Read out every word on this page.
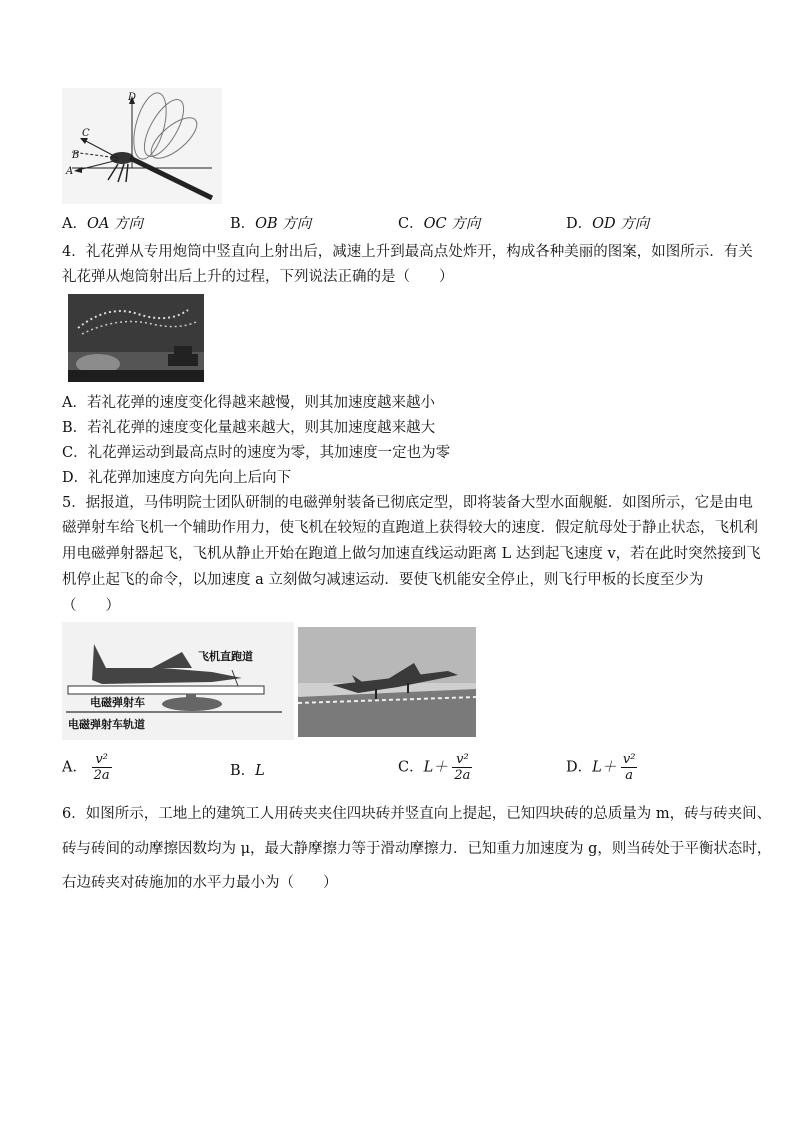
D
C
B
A
A．OA 方向	B．OB 方向	C．OC 方向	D．OD 方向
4．礼花弹从专用炮筒中竖直向上射出后，减速上升到最高点处炸开，构成各种美丽的图案，如图所示．有关
礼花弹从炮筒射出后上升的过程，下列说法正确的是（　　）
A．若礼花弹的速度变化得越来越慢，则其加速度越来越小
B．若礼花弹的速度变化量越来越大，则其加速度越来越大
C．礼花弹运动到最高点时的速度为零，其加速度一定也为零
D．礼花弹加速度方向先向上后向下
5．据报道，马伟明院士团队研制的电磁弹射装备已彻底定型，即将装备大型水面舰艇．如图所示，它是由电
磁弹射车给飞机一个辅助作用力，使飞机在较短的直跑道上获得较大的速度．假定航母处于静止状态，飞机利
用电磁弹射器起飞，飞机从静止开始在跑道上做匀加速直线运动距离 L 达到起飞速度 v，若在此时突然接到飞
机停止起飞的命令，以加速度 a 立刻做匀减速运动．要使飞机能安全停止，则飞行甲板的长度至少为
（　　）
飞机直跑道
电磁弹射车
电磁弹射车轨道
A． $\frac{\text{v²}}{2a}$	B．L	C．$L+ \frac{\text{v²}}{2a}$	D．$L+ \frac{\text{v²}}{a}$
6．如图所示，工地上的建筑工人用砖夹夹住四块砖并竖直向上提起，已知四块砖的总质量为 m，砖与砖夹间、
砖与砖间的动摩擦因数均为 μ，最大静摩擦力等于滑动摩擦力．已知重力加速度为 g，则当砖处于平衡状态时，
右边砖夹对砖施加的水平力最小为（　　）
